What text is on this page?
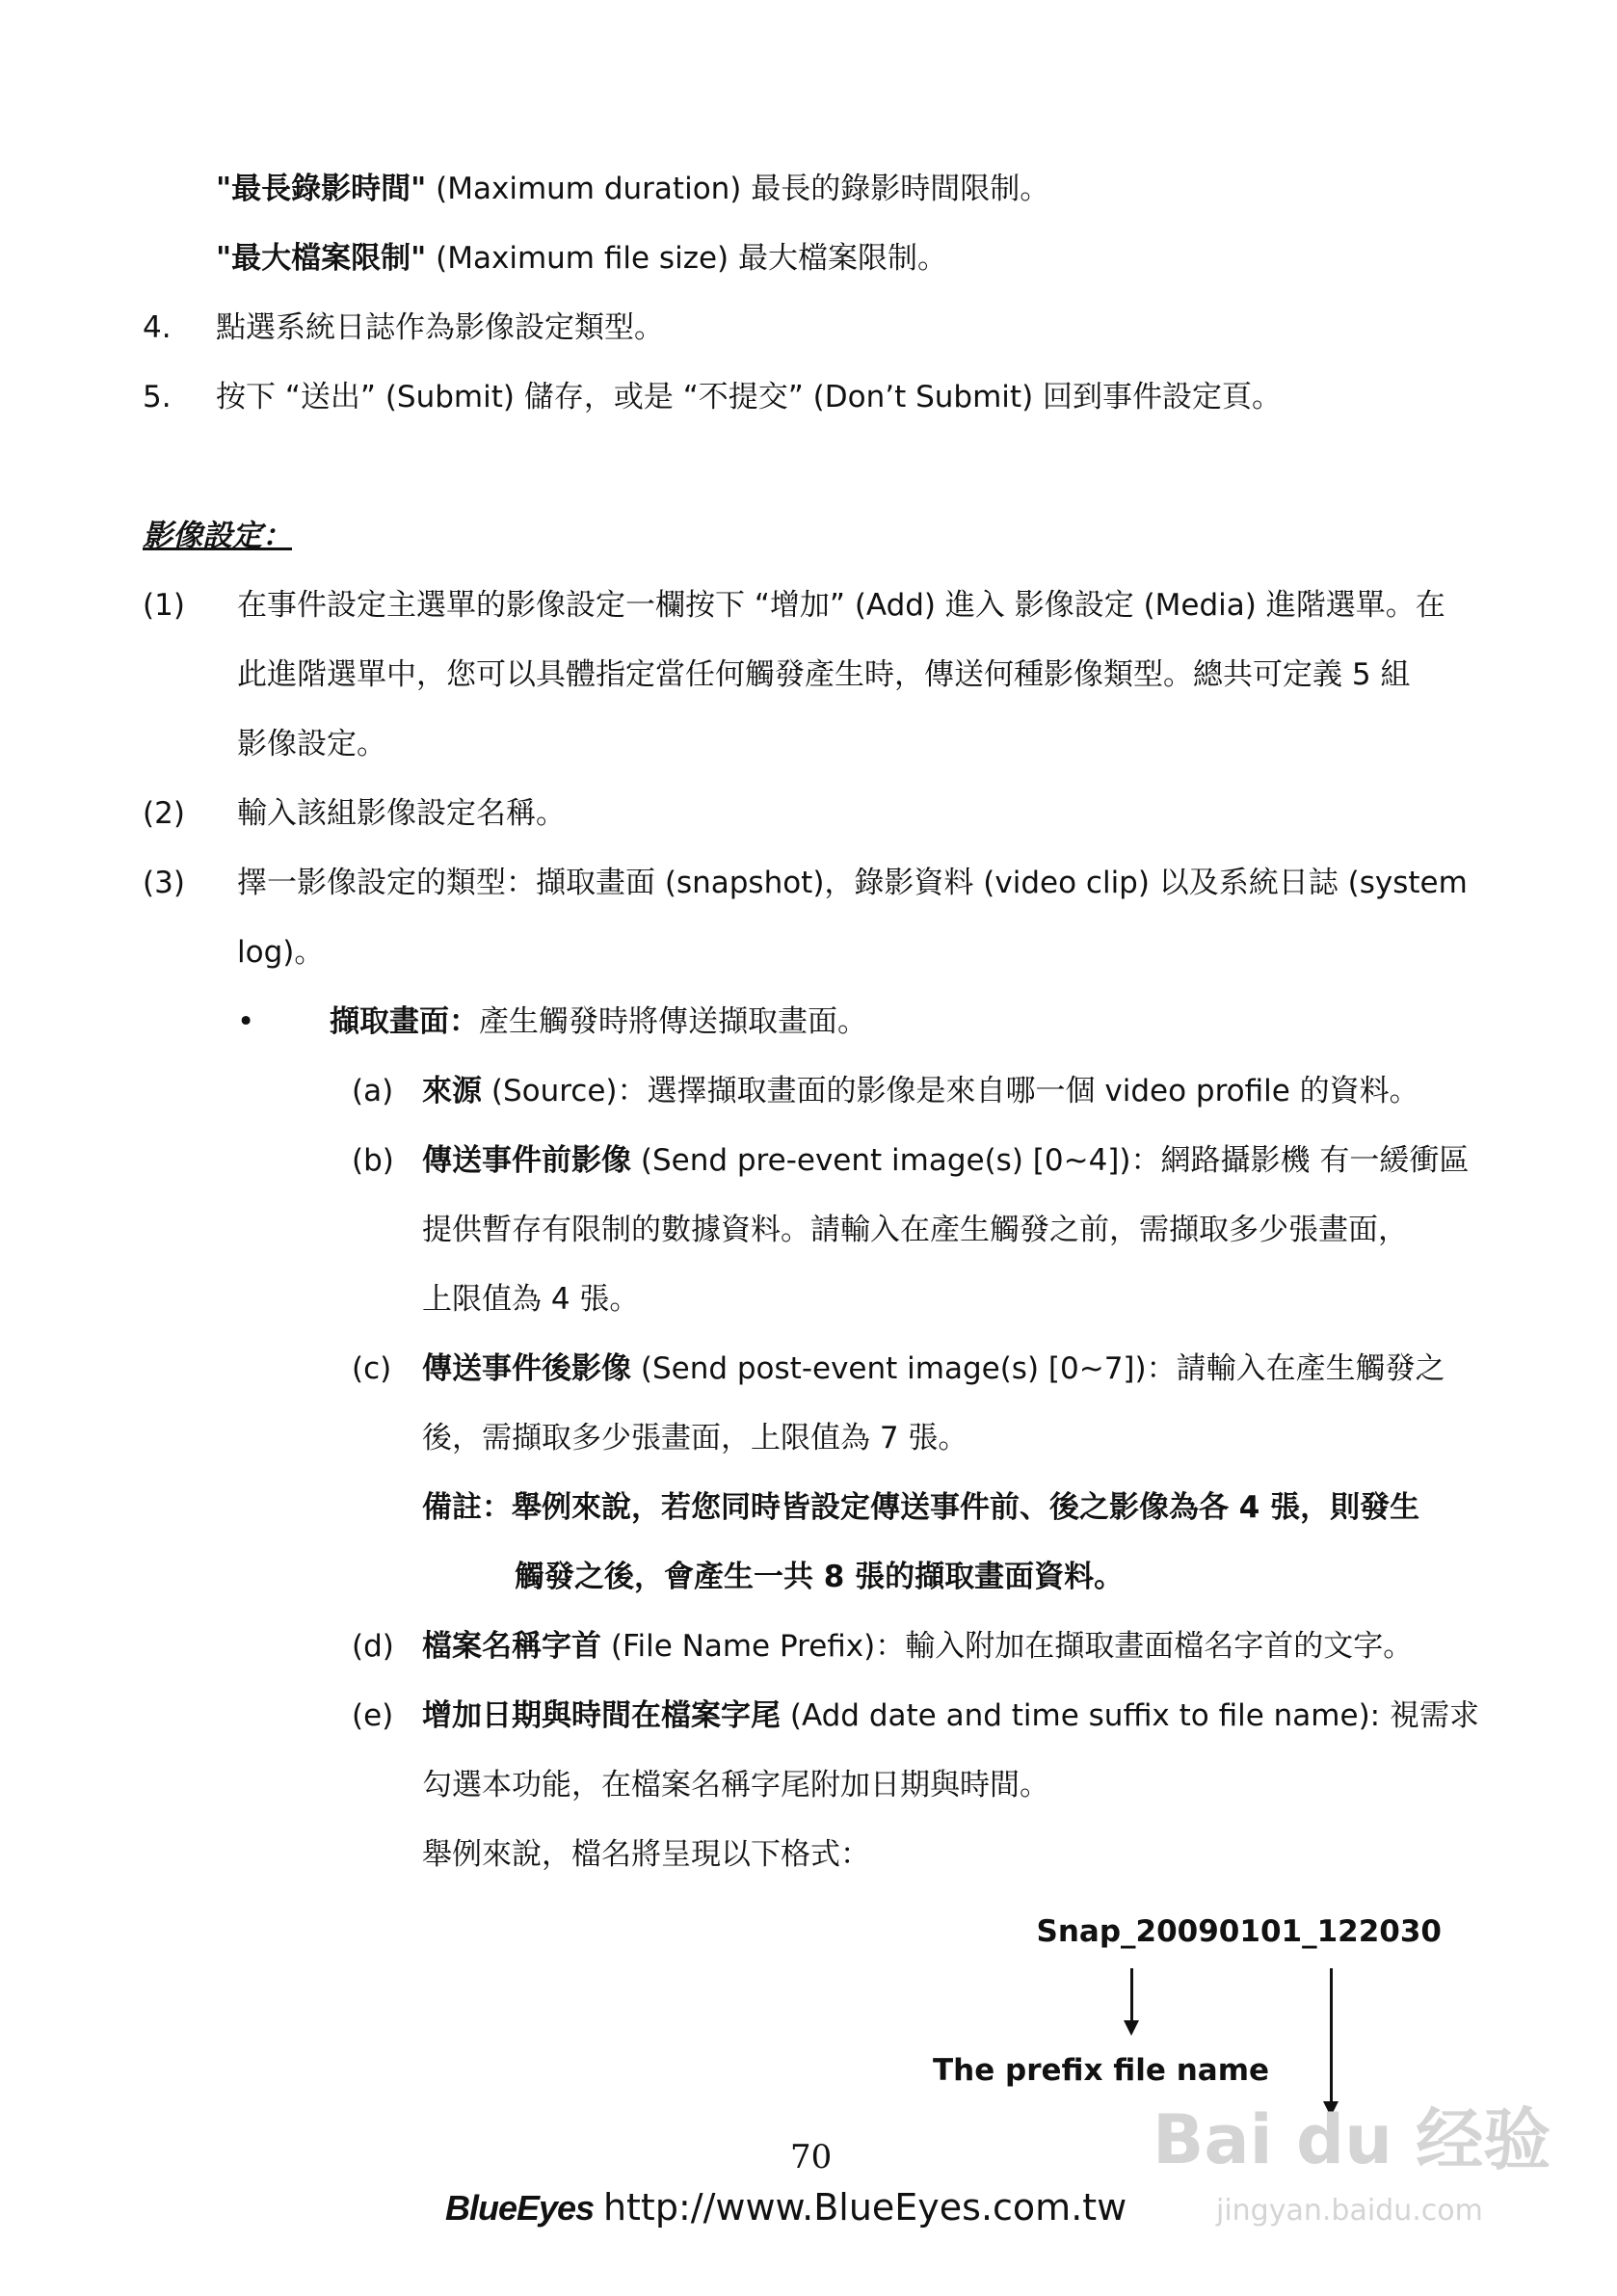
"最長錄影時間" (Maximum duration) 最長的錄影時間限制。
"最大檔案限制" (Maximum file size) 最大檔案限制。
4. 點選系統日誌作為影像設定類型。
5. 按下 “送出” (Submit) 儲存，或是 “不提交” (Don’t Submit) 回到事件設定頁。
影像設定：
(1) 在事件設定主選單的影像設定一欄按下 “增加” (Add) 進入 影像設定 (Media) 進階選單。在
此進階選單中，您可以具體指定當任何觸發產生時，傳送何種影像類型。總共可定義 5 組
影像設定。
(2) 輸入該組影像設定名稱。
(3) 擇一影像設定的類型：擷取畫面 (snapshot)，錄影資料 (video clip) 以及系統日誌 (system
log)。
•	擷取畫面：產生觸發時將傳送擷取畫面。
(a) 來源 (Source)：選擇擷取畫面的影像是來自哪一個 video profile 的資料。
(b) 傳送事件前影像 (Send pre-event image(s) [0~4])：網路攝影機 有一緩衝區
提供暫存有限制的數據資料。請輸入在產生觸發之前，需擷取多少張畫面，
上限值為 4 張。
(c) 傳送事件後影像 (Send post-event image(s) [0~7])：請輸入在產生觸發之
後，需擷取多少張畫面，上限值為 7 張。
備註：舉例來說，若您同時皆設定傳送事件前、後之影像為各 4 張，則發生
觸發之後，會產生一共 8 張的擷取畫面資料。
(d) 檔案名稱字首 (File Name Prefix)：輸入附加在擷取畫面檔名字首的文字。
(e) 增加日期與時間在檔案字尾 (Add date and time suffix to file name): 視需求
勾選本功能，在檔案名稱字尾附加日期與時間。
舉例來說，檔名將呈現以下格式：
Snap_20090101_122030
The prefix file name
70
BlueEyes http://www.BlueEyes.com.tw
Bai du 经验
jingyan.baidu.com
